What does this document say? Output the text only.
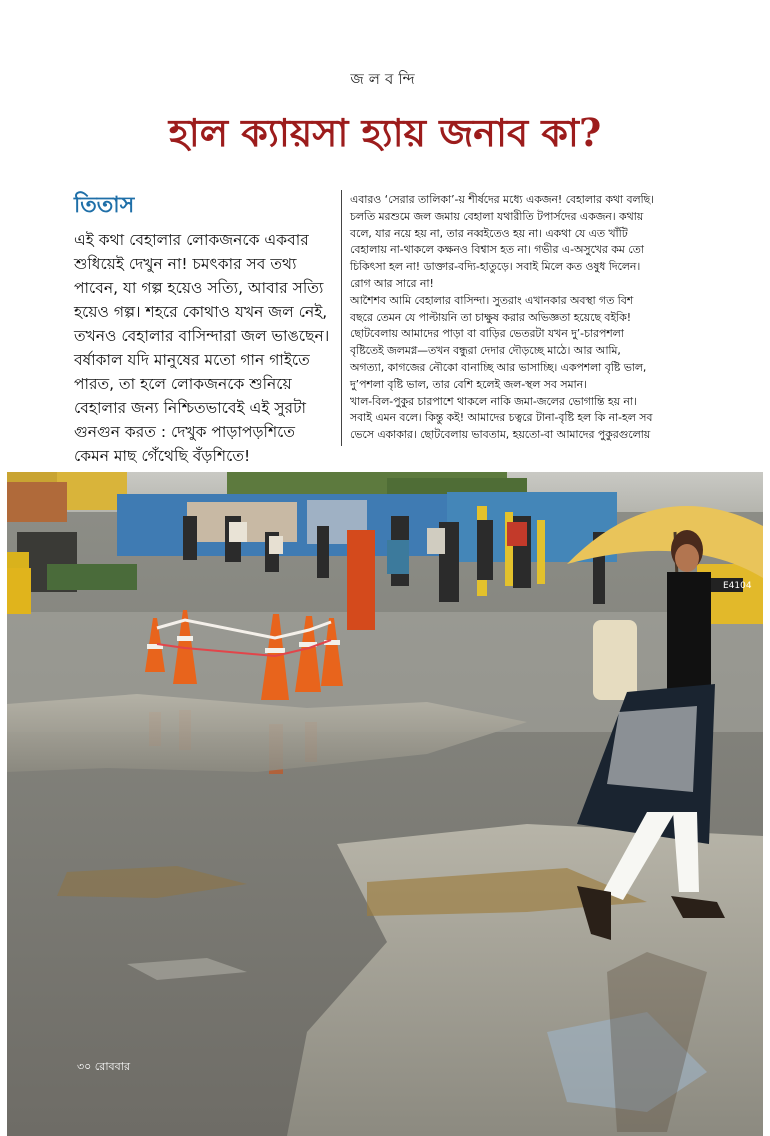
জলবন্দি
হাল ক্যায়সা হ্যায় জনাব কা?
তিতাস

এই কথা বেহালার লোকজনকে একবার
শুধিয়েই দেখুন না! চমৎকার সব তথ্য
পাবেন, যা গল্প হয়েও সত্যি, আবার সত্যি
হয়েও গল্প। শহরে কোথাও যখন জল নেই,
তখনও বেহালার বাসিন্দারা জল ভাঙছেন।
বর্ষাকাল যদি মানুষের মতো গান গাইতে
পারত, তা হলে লোকজনকে শুনিয়ে
বেহালার জন্য নিশ্চিতভাবেই এই সুরটা
গুনগুন করত : দেখুক পাড়াপড়শিতে
কেমন মাছ গেঁথেছি বঁড়শিতে!

এবারও ‘সেরার তালিকা’-য় শীর্ষদের মধ্যে একজন! বেহালার কথা বলছি।
চলতি মরশুমে জল জমায় বেহালা যথারীতি টপার্সদের একজন। কথায়
বলে, যার নয়ে হয় না, তার নব্বইতেও হয় না। একথা যে এত খাঁটি
বেহালায় না-থাকলে কক্ষনও বিশ্বাস হত না। গভীর এ-অসুখের কম তো
চিকিৎসা হল না! ডাক্তার-বদ্যি-হাতুড়ে। সবাই মিলে কত ওষুধ দিলেন।
রোগ আর সারে না!
আশৈশব আমি বেহালার বাসিন্দা। সুতরাং এখানকার অবস্থা গত বিশ
বছরে তেমন যে পাল্টায়নি তা চাক্ষুষ করার অভিজ্ঞতা হয়েছে বইকি!
ছোটবেলায় আমাদের পাড়া বা বাড়ির ভেতরটা যখন দু’-চারপশলা
বৃষ্টিতেই জলমগ্ন—তখন বন্ধুরা দেদার দৌড়চ্ছে মাঠে। আর আমি,
অগত্যা, কাগজের নৌকো বানাচ্ছি আর ভাসাচ্ছি। একপশলা বৃষ্টি ভাল,
দু’পশলা বৃষ্টি ভাল, তার বেশি হলেই জল-স্থল সব সমান।
খাল-বিল-পুকুর চারপাশে থাকলে নাকি জমা-জলের ভোগান্তি হয় না।
সবাই এমন বলে। কিন্তু কই! আমাদের চত্বরে টানা-বৃষ্টি হল কি না-হল সব
ভেসে একাকার। ছোটবেলায় ভাবতাম, হয়তো-বা আমাদের পুকুরগুলোয়

E4104
৩০ রোববার
